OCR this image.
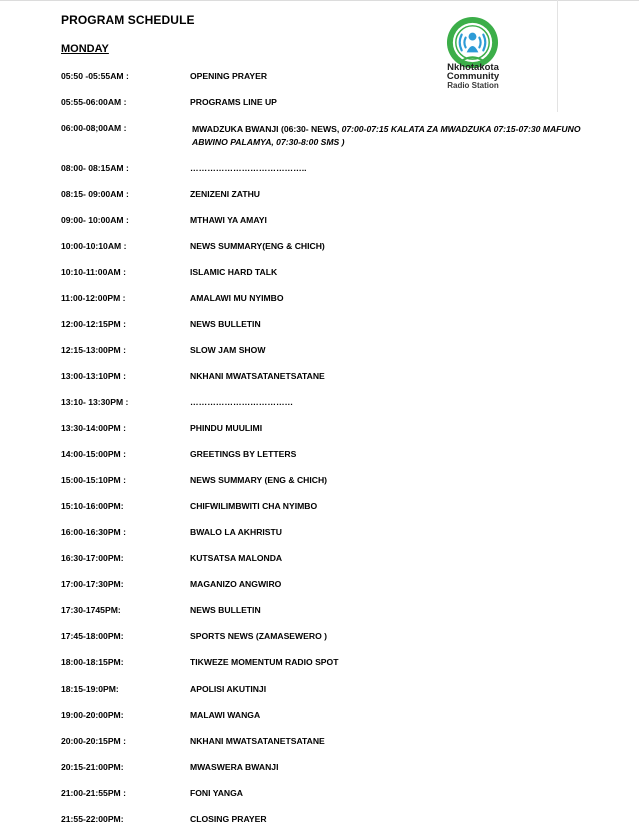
PROGRAM SCHEDULE
MONDAY
Nkhotakota
Community
Radio Station
05:50 -05:55AM :	OPENING PRAYER
05:55-06:00AM :	PROGRAMS LINE UP
06:00-08;00AM :	MWADZUKA BWANJI (06:30- NEWS, 07:00-07:15 KALATA ZA MWADZUKA 07:15-07:30 MAFUNO ABWINO PALAMYA, 07:30-8:00 SMS )
08:00- 08:15AM :	…………………………………..
08:15- 09:00AM :	ZENIZENI ZATHU
09:00- 10:00AM :	MTHAWI YA AMAYI
10:00-10:10AM :	NEWS SUMMARY(ENG & CHICH)
10:10-11:00AM :	ISLAMIC HARD TALK
11:00-12:00PM :	AMALAWI MU NYIMBO
12:00-12:15PM :	NEWS BULLETIN
12:15-13:00PM :	SLOW JAM SHOW
13:00-13:10PM :	NKHANI MWATSATANETSATANE
13:10- 13:30PM :	………………………………
13:30-14:00PM :	PHINDU MUULIMI
14:00-15:00PM :	GREETINGS BY LETTERS
15:00-15:10PM :	NEWS SUMMARY (ENG & CHICH)
15:10-16:00PM:	CHIFWILIMBWITI CHA NYIMBO
16:00-16:30PM :	BWALO LA AKHRISTU
16:30-17:00PM:	KUTSATSA MALONDA
17:00-17:30PM:	MAGANIZO ANGWIRO
17:30-1745PM:	NEWS BULLETIN
17:45-18:00PM:	SPORTS NEWS (ZAMASEWERO )
18:00-18:15PM:	TIKWEZE MOMENTUM RADIO SPOT
18:15-19:0PM:	APOLISI AKUTINJI
19:00-20:00PM:	MALAWI WANGA
20:00-20:15PM :	NKHANI MWATSATANETSATANE
20:15-21:00PM:	MWASWERA BWANJI
21:00-21:55PM :	FONI YANGA
21:55-22:00PM:	CLOSING PRAYER
